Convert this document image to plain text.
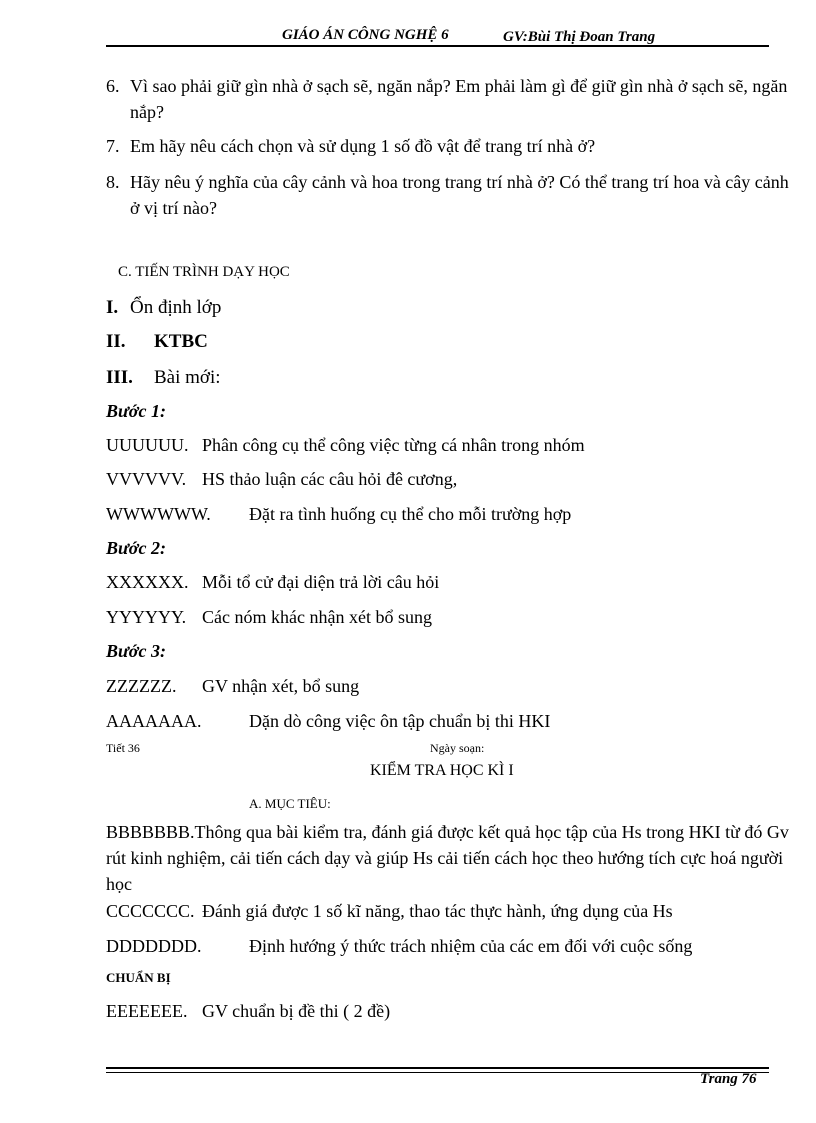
GIÁO ÁN CÔNG NGHỆ 6	GV:Bùi Thị Đoan Trang
6. Vì sao phải giữ gìn nhà ở sạch sẽ, ngăn nắp? Em phải làm gì để giữ gìn nhà ở sạch sẽ, ngăn nắp?
7. Em hãy nêu cách chọn và sử dụng 1 số đồ vật để trang trí nhà ở?
8. Hãy nêu ý nghĩa của cây cảnh và hoa trong trang trí nhà ở? Có thể trang trí hoa và cây cảnh ở vị trí nào?
C. TIẾN TRÌNH DẠY HỌC
I. Ổn định lớp
II. KTBC
III. Bài mới:
Bước 1:
UUUUUU. Phân công cụ thể công việc từng cá nhân trong nhóm
VVVVVV. HS thảo luận các câu hỏi đê cương,
WWWWWW. Đặt ra tình huống cụ thể cho mỗi trường hợp
Bước 2:
XXXXXX. Mỗi tổ cử đại diện trả lời câu hỏi
YYYYYY. Các nóm khác nhận xét bổ sung
Bước 3:
ZZZZZZ. GV nhận xét, bổ sung
AAAAAAA.	Dặn dò công việc ôn tập chuẩn bị thi HKI
Tiết 36	Ngày soạn:
KIỂM TRA HỌC KÌ I
A. MỤC TIÊU:
BBBBBBB.Thông qua bài kiểm tra, đánh giá được kết quả học tập của Hs trong HKI từ đó Gv rút kinh nghiệm, cải tiến cách dạy và giúp Hs cải tiến cách học theo hướng tích cực hoá người học
CCCCCCC. Đánh giá được 1 số kĩ năng, thao tác thực hành, ứng dụng của Hs
DDDDDDD.	Định hướng ý thức trách nhiệm của các em đối với cuộc sống
CHUẨN BỊ
EEEEEEE. GV chuẩn bị đề thi ( 2 đề)
Trang 76
